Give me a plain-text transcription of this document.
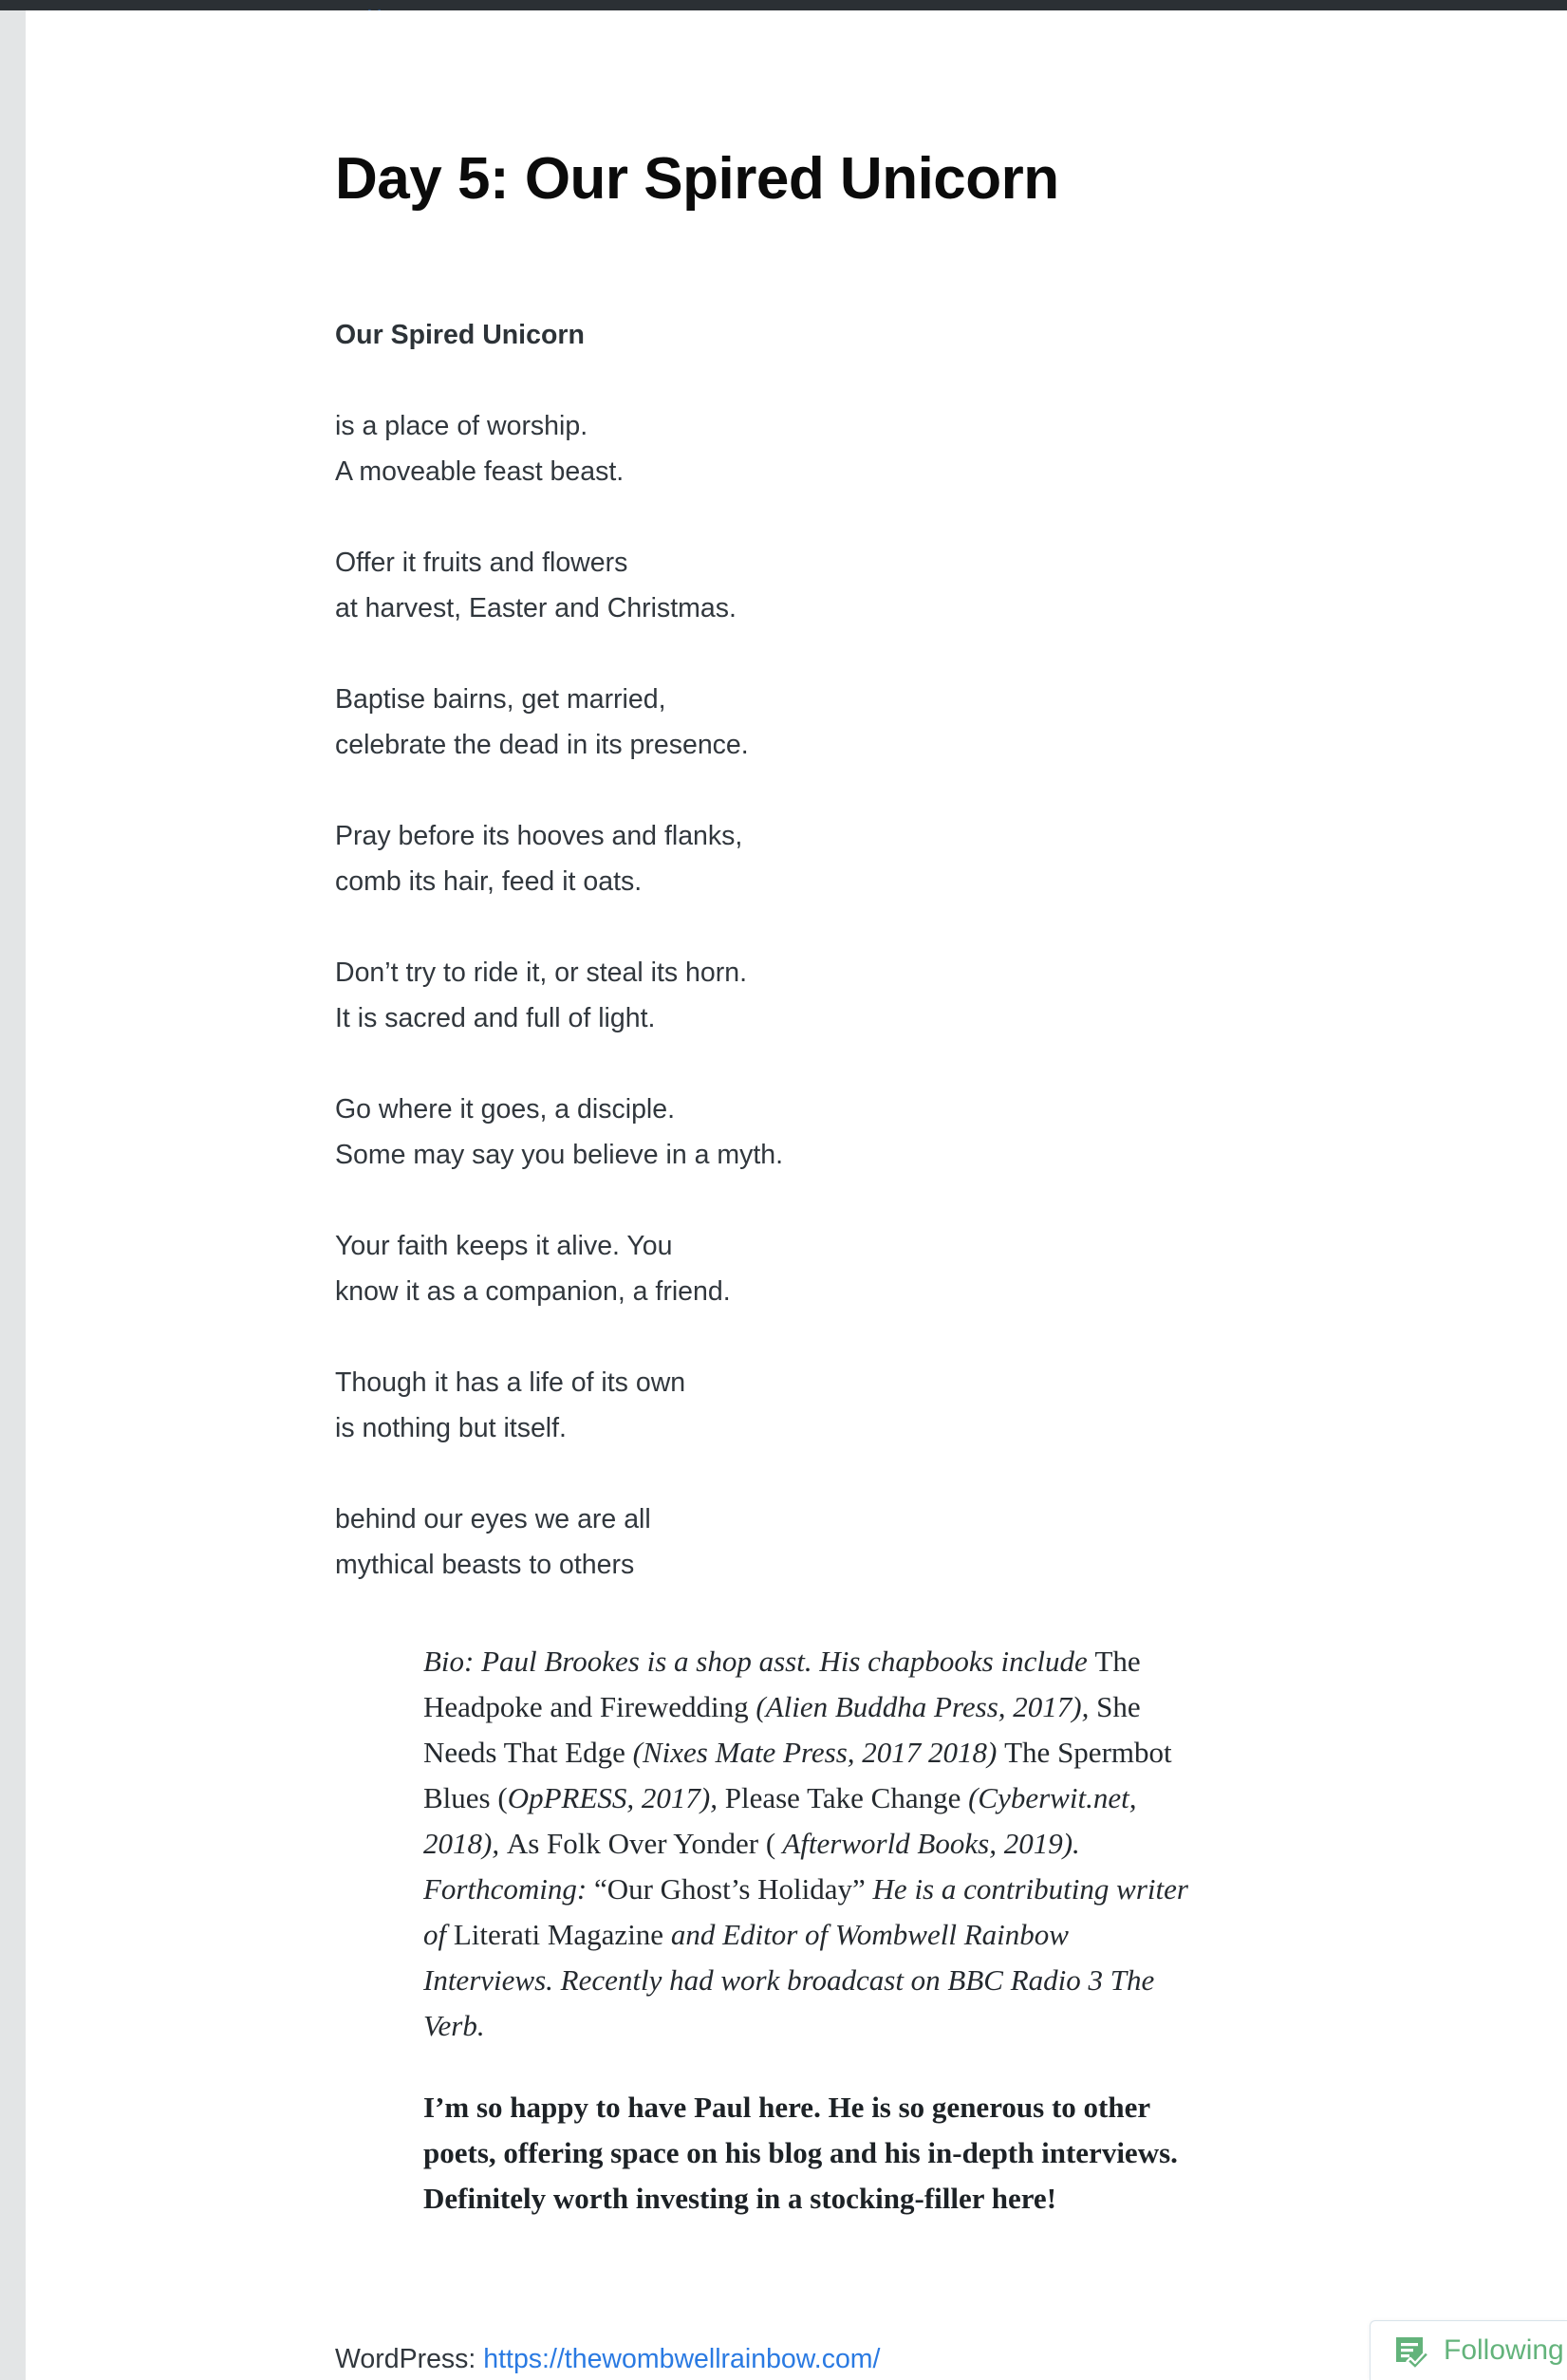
Day 5: Our Spired Unicorn
Our Spired Unicorn
is a place of worship.
A moveable feast beast.
Offer it fruits and flowers
at harvest, Easter and Christmas.
Baptise bairns, get married,
celebrate the dead in its presence.
Pray before its hooves and flanks,
comb its hair, feed it oats.
Don’t try to ride it, or steal its horn.
It is sacred and full of light.
Go where it goes, a disciple.
Some may say you believe in a myth.
Your faith keeps it alive. You
know it as a companion, a friend.
Though it has a life of its own
is nothing but itself.
behind our eyes we are all
mythical beasts to others
Bio: Paul Brookes is a shop asst. His chapbooks include The Headpoke and Firewedding (Alien Buddha Press, 2017), She Needs That Edge (Nixes Mate Press, 2017 2018) The Spermbot Blues (OpPRESS, 2017), Please Take Change (Cyberwit.net, 2018), As Folk Over Yonder ( Afterworld Books, 2019). Forthcoming: “Our Ghost’s Holiday” He is a contributing writer of Literati Magazine and Editor of Wombwell Rainbow Interviews. Recently had work broadcast on BBC Radio 3 The Verb.
I’m so happy to have Paul here. He is so generous to other poets, offering space on his blog and his in-depth interviews. Definitely worth investing in a stocking-filler here!
WordPress: https://thewombwellrainbow.com/	Following
